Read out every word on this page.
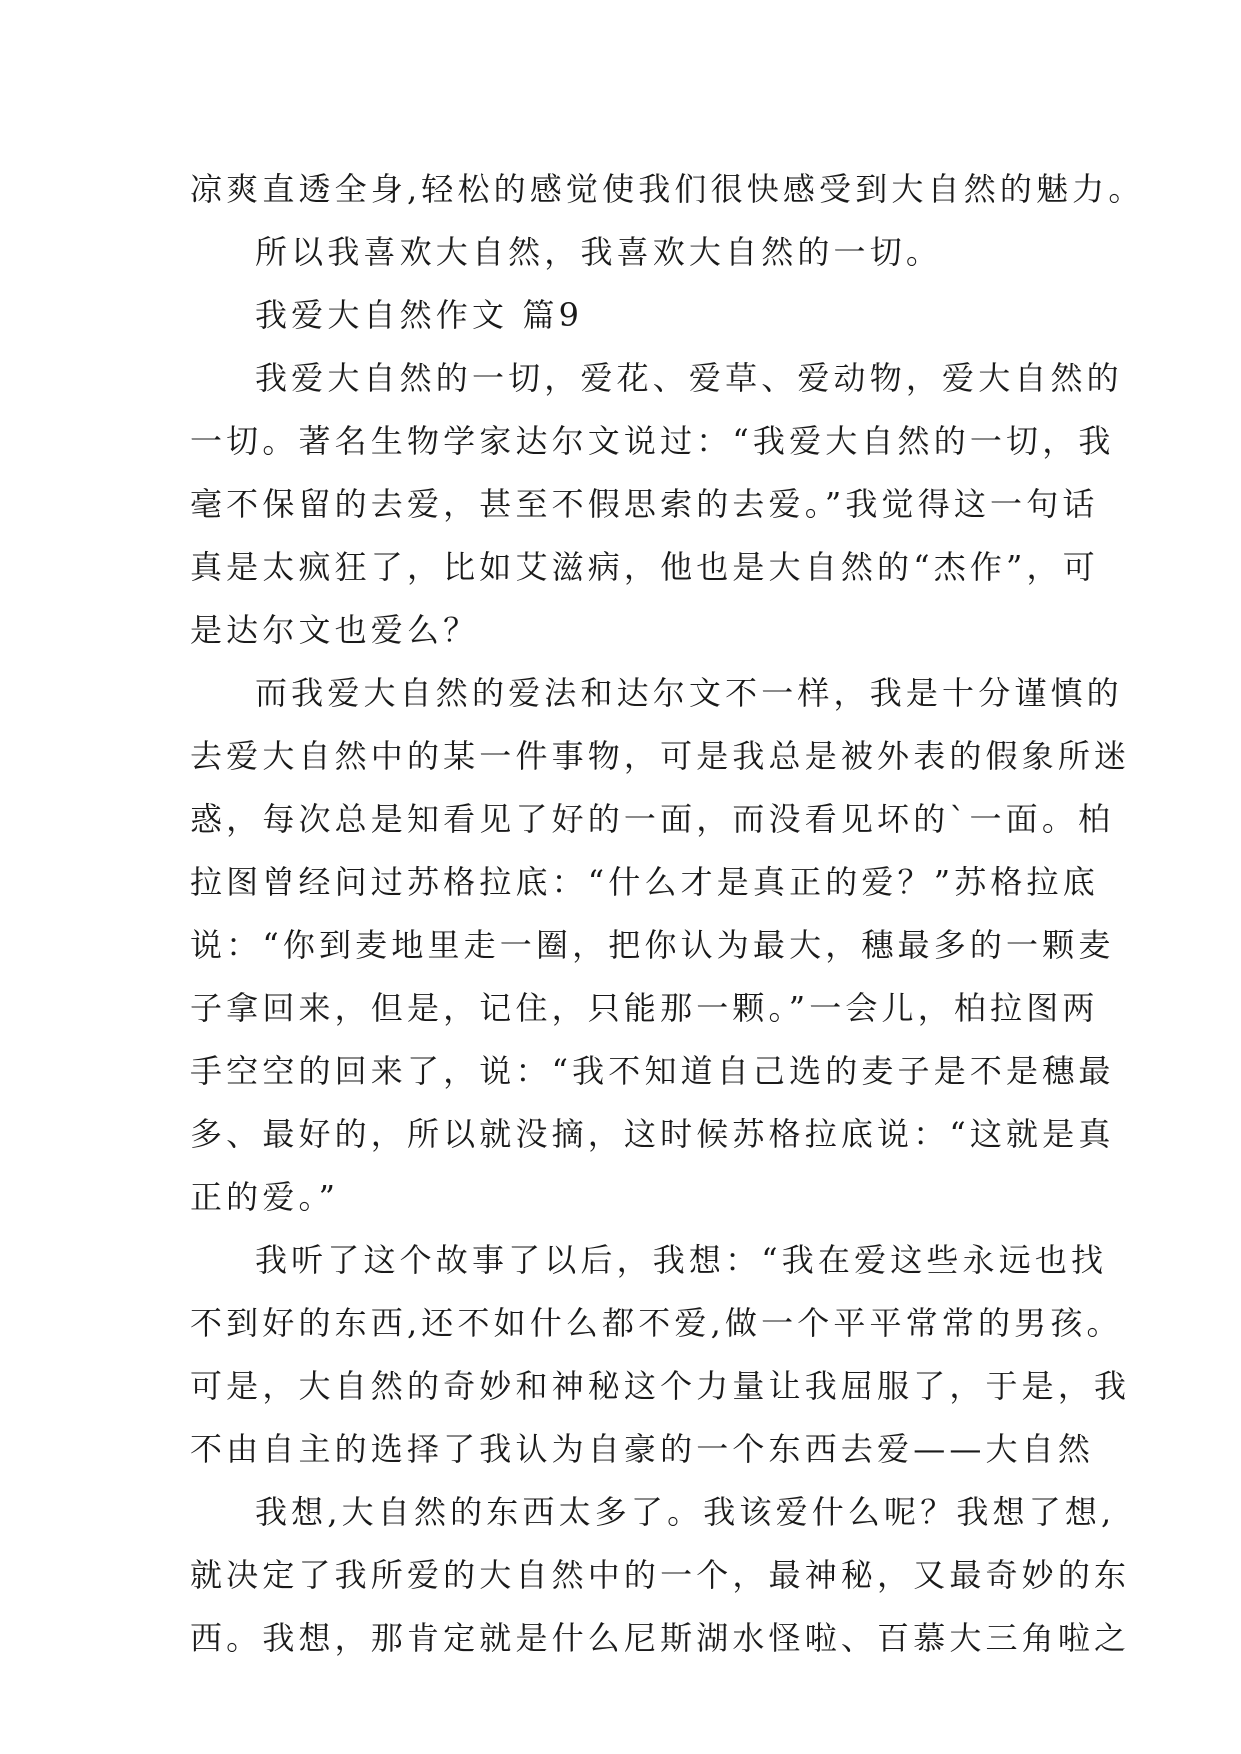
凉爽直透全身,轻松的感觉使我们很快感受到大自然的魅力。

所以我喜欢大自然，我喜欢大自然的一切。

我爱大自然作文 篇9

我爱大自然的一切，爱花、爱草、爱动物，爱大自然的

一切。著名生物学家达尔文说过：“我爱大自然的一切，我

毫不保留的去爱，甚至不假思索的去爱。”我觉得这一句话

真是太疯狂了，比如艾滋病，他也是大自然的“杰作”，可

是达尔文也爱么？

而我爱大自然的爱法和达尔文不一样，我是十分谨慎的

去爱大自然中的某一件事物，可是我总是被外表的假象所迷

惑，每次总是知看见了好的一面，而没看见坏的`一面。柏

拉图曾经问过苏格拉底：“什么才是真正的爱？”苏格拉底

说：“你到麦地里走一圈，把你认为最大，穗最多的一颗麦

子拿回来，但是，记住，只能那一颗。”一会儿，柏拉图两

手空空的回来了，说：“我不知道自己选的麦子是不是穗最

多、最好的，所以就没摘，这时候苏格拉底说：“这就是真

正的爱。”

我听了这个故事了以后，我想：“我在爱这些永远也找

不到好的东西,还不如什么都不爱,做一个平平常常的男孩。

可是，大自然的奇妙和神秘这个力量让我屈服了，于是，我

不由自主的选择了我认为自豪的一个东西去爱——大自然

我想,大自然的东西太多了。我该爱什么呢？我想了想,

就决定了我所爱的大自然中的一个，最神秘，又最奇妙的东

西。我想，那肯定就是什么尼斯湖水怪啦、百慕大三角啦之
